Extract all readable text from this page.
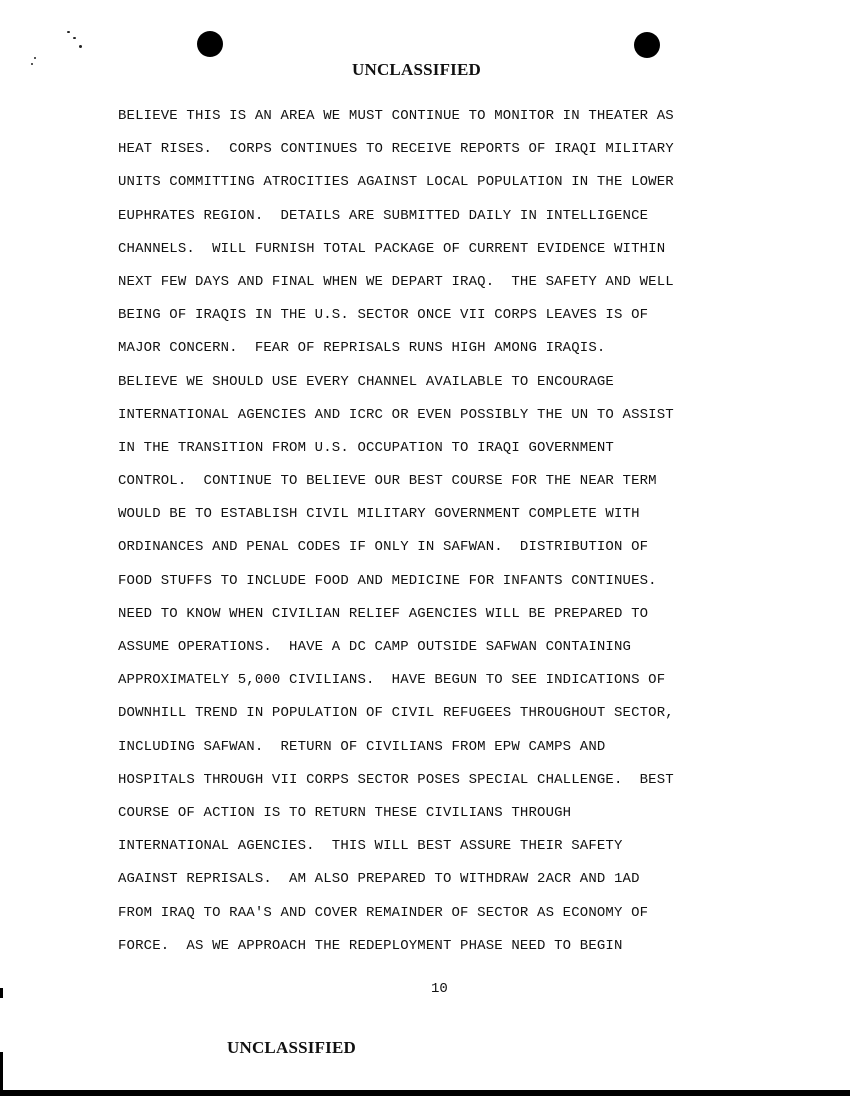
UNCLASSIFIED
BELIEVE THIS IS AN AREA WE MUST CONTINUE TO MONITOR IN THEATER AS
HEAT RISES.  CORPS CONTINUES TO RECEIVE REPORTS OF IRAQI MILITARY
UNITS COMMITTING ATROCITIES AGAINST LOCAL POPULATION IN THE LOWER
EUPHRATES REGION.  DETAILS ARE SUBMITTED DAILY IN INTELLIGENCE
CHANNELS.  WILL FURNISH TOTAL PACKAGE OF CURRENT EVIDENCE WITHIN
NEXT FEW DAYS AND FINAL WHEN WE DEPART IRAQ.  THE SAFETY AND WELL
BEING OF IRAQIS IN THE U.S. SECTOR ONCE VII CORPS LEAVES IS OF
MAJOR CONCERN.  FEAR OF REPRISALS RUNS HIGH AMONG IRAQIS.
BELIEVE WE SHOULD USE EVERY CHANNEL AVAILABLE TO ENCOURAGE
INTERNATIONAL AGENCIES AND ICRC OR EVEN POSSIBLY THE UN TO ASSIST
IN THE TRANSITION FROM U.S. OCCUPATION TO IRAQI GOVERNMENT
CONTROL.  CONTINUE TO BELIEVE OUR BEST COURSE FOR THE NEAR TERM
WOULD BE TO ESTABLISH CIVIL MILITARY GOVERNMENT COMPLETE WITH
ORDINANCES AND PENAL CODES IF ONLY IN SAFWAN.  DISTRIBUTION OF
FOOD STUFFS TO INCLUDE FOOD AND MEDICINE FOR INFANTS CONTINUES.
NEED TO KNOW WHEN CIVILIAN RELIEF AGENCIES WILL BE PREPARED TO
ASSUME OPERATIONS.  HAVE A DC CAMP OUTSIDE SAFWAN CONTAINING
APPROXIMATELY 5,000 CIVILIANS.  HAVE BEGUN TO SEE INDICATIONS OF
DOWNHILL TREND IN POPULATION OF CIVIL REFUGEES THROUGHOUT SECTOR,
INCLUDING SAFWAN.  RETURN OF CIVILIANS FROM EPW CAMPS AND
HOSPITALS THROUGH VII CORPS SECTOR POSES SPECIAL CHALLENGE.  BEST
COURSE OF ACTION IS TO RETURN THESE CIVILIANS THROUGH
INTERNATIONAL AGENCIES.  THIS WILL BEST ASSURE THEIR SAFETY
AGAINST REPRISALS.  AM ALSO PREPARED TO WITHDRAW 2ACR AND 1AD
FROM IRAQ TO RAA'S AND COVER REMAINDER OF SECTOR AS ECONOMY OF
FORCE.  AS WE APPROACH THE REDEPLOYMENT PHASE NEED TO BEGIN
10
UNCLASSIFIED
